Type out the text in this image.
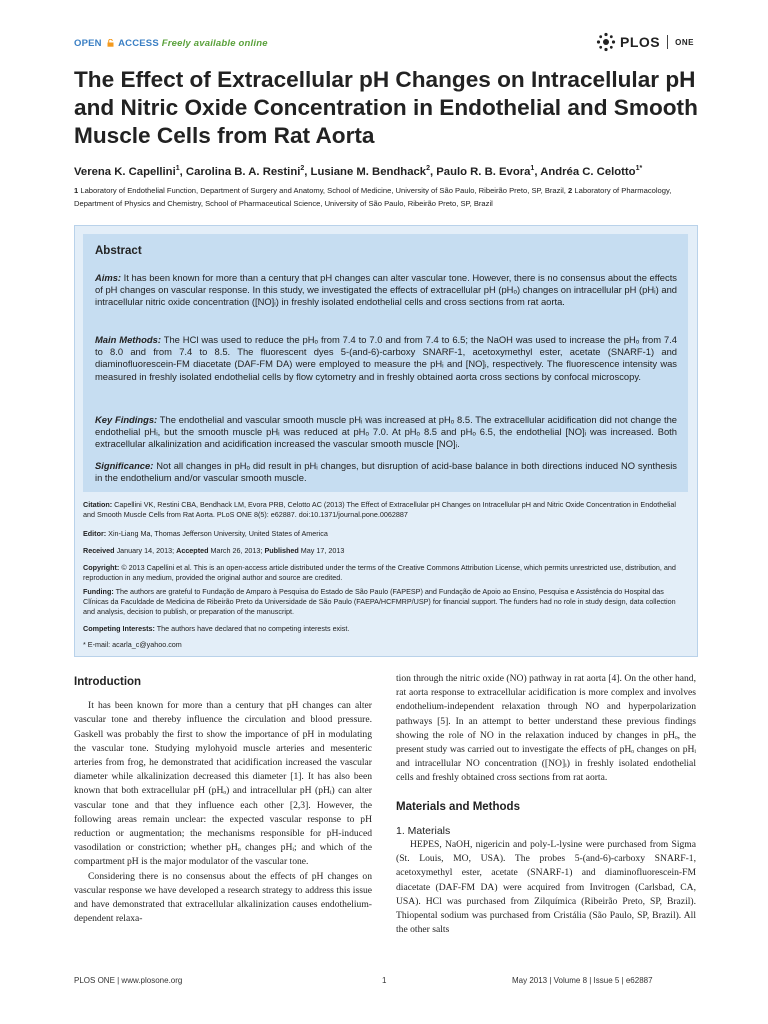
OPEN ACCESS Freely available online	PLOS ONE
The Effect of Extracellular pH Changes on Intracellular pH and Nitric Oxide Concentration in Endothelial and Smooth Muscle Cells from Rat Aorta
Verena K. Capellini$^1$, Carolina B. A. Restini$^2$, Lusiane M. Bendhack$^2$, Paulo R. B. Evora$^1$, Andréa C. Celotto$^{1*}$
1 Laboratory of Endothelial Function, Department of Surgery and Anatomy, School of Medicine, University of São Paulo, Ribeirão Preto, SP, Brazil, 2 Laboratory of Pharmacology, Department of Physics and Chemistry, School of Pharmaceutical Science, University of São Paulo, Ribeirão Preto, SP, Brazil
Abstract

Aims: It has been known for more than a century that pH changes can alter vascular tone. However, there is no consensus about the effects of pH changes on vascular response. In this study, we investigated the effects of extracellular pH (pHₒ) changes on intracellular pH (pHᵢ) and intracellular nitric oxide concentration ([NO]ᵢ) in freshly isolated endothelial cells and cross sections from rat aorta.

Main Methods: The HCl was used to reduce the pHₒ from 7.4 to 7.0 and from 7.4 to 6.5; the NaOH was used to increase the pHₒ from 7.4 to 8.0 and from 7.4 to 8.5. The fluorescent dyes 5-(and-6)-carboxy SNARF-1, acetoxymethyl ester, acetate (SNARF-1) and diaminofluorescein-FM diacetate (DAF-FM DA) were employed to measure the pHᵢ and [NO]ᵢ, respectively. The fluorescence intensity was measured in freshly isolated endothelial cells by flow cytometry and in freshly obtained aorta cross sections by confocal microscopy.

Key Findings: The endothelial and vascular smooth muscle pHᵢ was increased at pHₒ 8.5. The extracellular acidification did not change the endothelial pHᵢ, but the smooth muscle pHᵢ was reduced at pHₒ 7.0. At pHₒ 8.5 and pHₒ 6.5, the endothelial [NO]ᵢ was increased. Both extracellular alkalinization and acidification increased the vascular smooth muscle [NO]ᵢ.

Significance: Not all changes in pHₒ did result in pHᵢ changes, but disruption of acid-base balance in both directions induced NO synthesis in the endothelium and/or vascular smooth muscle.

Citation: Capellini VK, Restini CBA, Bendhack LM, Evora PRB, Celotto AC (2013) The Effect of Extracellular pH Changes on Intracellular pH and Nitric Oxide Concentration in Endothelial and Smooth Muscle Cells from Rat Aorta. PLoS ONE 8(5): e62887. doi:10.1371/journal.pone.0062887

Editor: Xin-Liang Ma, Thomas Jefferson University, United States of America

Received January 14, 2013; Accepted March 26, 2013; Published May 17, 2013

Copyright: © 2013 Capellini et al. This is an open-access article distributed under the terms of the Creative Commons Attribution License, which permits unrestricted use, distribution, and reproduction in any medium, provided the original author and source are credited.

Funding: The authors are grateful to Fundação de Amparo à Pesquisa do Estado de São Paulo (FAPESP) and Fundação de Apoio ao Ensino, Pesquisa e Assistência do Hospital das Clínicas da Faculdade de Medicina de Ribeirão Preto da Universidade de São Paulo (FAEPA/HCFMRP/USP) for financial support. The funders had no role in study design, data collection and analysis, decision to publish, or preparation of the manuscript.

Competing Interests: The authors have declared that no competing interests exist.

* E-mail: acarla_c@yahoo.com

Introduction

It has been known for more than a century that pH changes can alter vascular tone and thereby influence the circulation and blood pressure. Gaskell was probably the first to show the importance of pH in modulating the vascular tone. Studying mylohyoid muscle arteries and mesenteric arteries from frog, he demonstrated that acidification increased the vascular diameter while alkalinization decreased this diameter [1]. It has also been known that both extracellular pH (pHₒ) and intracellular pH (pHᵢ) can alter vascular tone and that they influence each other [2,3]. However, the following areas remain unclear: the expected vascular response to pH reduction or augmentation; the mechanisms responsible for pH-induced vasodilation or constriction; whether pHₒ changes pHᵢ; and which of the compartment pH is the major modulator of the vascular tone.

Considering there is no consensus about the effects of pH changes on vascular response we have developed a research strategy to address this issue and have demonstrated that extracellular alkalinization causes endothelium-dependent relaxa-

tion through the nitric oxide (NO) pathway in rat aorta [4]. On the other hand, rat aorta response to extracellular acidification is more complex and involves endothelium-independent relaxation through NO and hyperpolarization pathways [5]. In an attempt to better understand these previous findings showing the role of NO in the relaxation induced by changes in pHₒ, the present study was carried out to investigate the effects of pHₒ changes on pHᵢ and intracellular NO concentration ([NO]ᵢ) in freshly isolated endothelial cells and freshly obtained cross sections from rat aorta.

Materials and Methods
1. Materials

HEPES, NaOH, nigericin and poly-L-lysine were purchased from Sigma (St. Louis, MO, USA). The probes 5-(and-6)-carboxy SNARF-1, acetoxymethyl ester, acetate (SNARF-1) and diaminofluorescein-FM diacetate (DAF-FM DA) were acquired from Invitrogen (Carlsbad, CA, USA). HCl was purchased from Zilquímica (Ribeirão Preto, SP, Brazil). Thiopental sodium was purchased from Cristália (São Paulo, SP, Brazil). All the other salts

PLOS ONE | www.plosone.org	1	May 2013 | Volume 8 | Issue 5 | e62887
